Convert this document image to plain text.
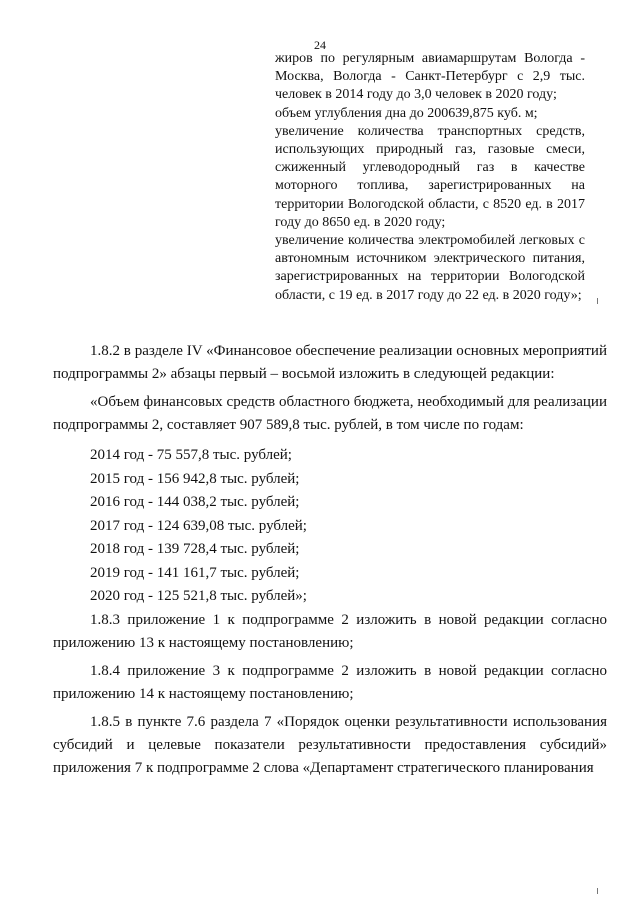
24

жиров по регулярным авиамаршрутам Вологда - Москва, Вологда - Санкт-Петербург с 2,9 тыс. человек в 2014 году до 3,0 человек в 2020 году;

объем углубления дна до 200639,875 куб. м;

увеличение количества транспортных средств, использующих природный газ, газовые смеси, сжиженный углеводородный газ в качестве моторного топлива, зарегистрированных на территории Вологодской области, с 8520 ед. в 2017 году до 8650 ед. в 2020 году;

увеличение количества электромобилей легковых с автономным источником электрического питания, зарегистрированных на территории Вологодской области, с 19 ед. в 2017 году до 22 ед. в 2020 году»;

1.8.2 в разделе IV «Финансовое обеспечение реализации основных мероприятий подпрограммы 2» абзацы первый – восьмой изложить в следующей редакции:

«Объем финансовых средств областного бюджета, необходимый для реализации подпрограммы 2, составляет 907 589,8 тыс. рублей, в том числе по годам:

2014 год - 75 557,8 тыс. рублей;
2015 год - 156 942,8 тыс. рублей;
2016 год - 144 038,2 тыс. рублей;
2017 год - 124 639,08 тыс. рублей;
2018 год - 139 728,4 тыс. рублей;
2019 год - 141 161,7 тыс. рублей;
2020 год - 125 521,8 тыс. рублей»;

1.8.3 приложение 1 к подпрограмме 2 изложить в новой редакции согласно приложению 13 к настоящему постановлению;

1.8.4 приложение 3 к подпрограмме 2 изложить в новой редакции согласно приложению 14 к настоящему постановлению;

1.8.5 в пункте 7.6 раздела 7 «Порядок оценки результативности использования субсидий и целевые показатели результативности предоставления субсидий» приложения 7 к подпрограмме 2 слова «Департамент стратегического планирования
